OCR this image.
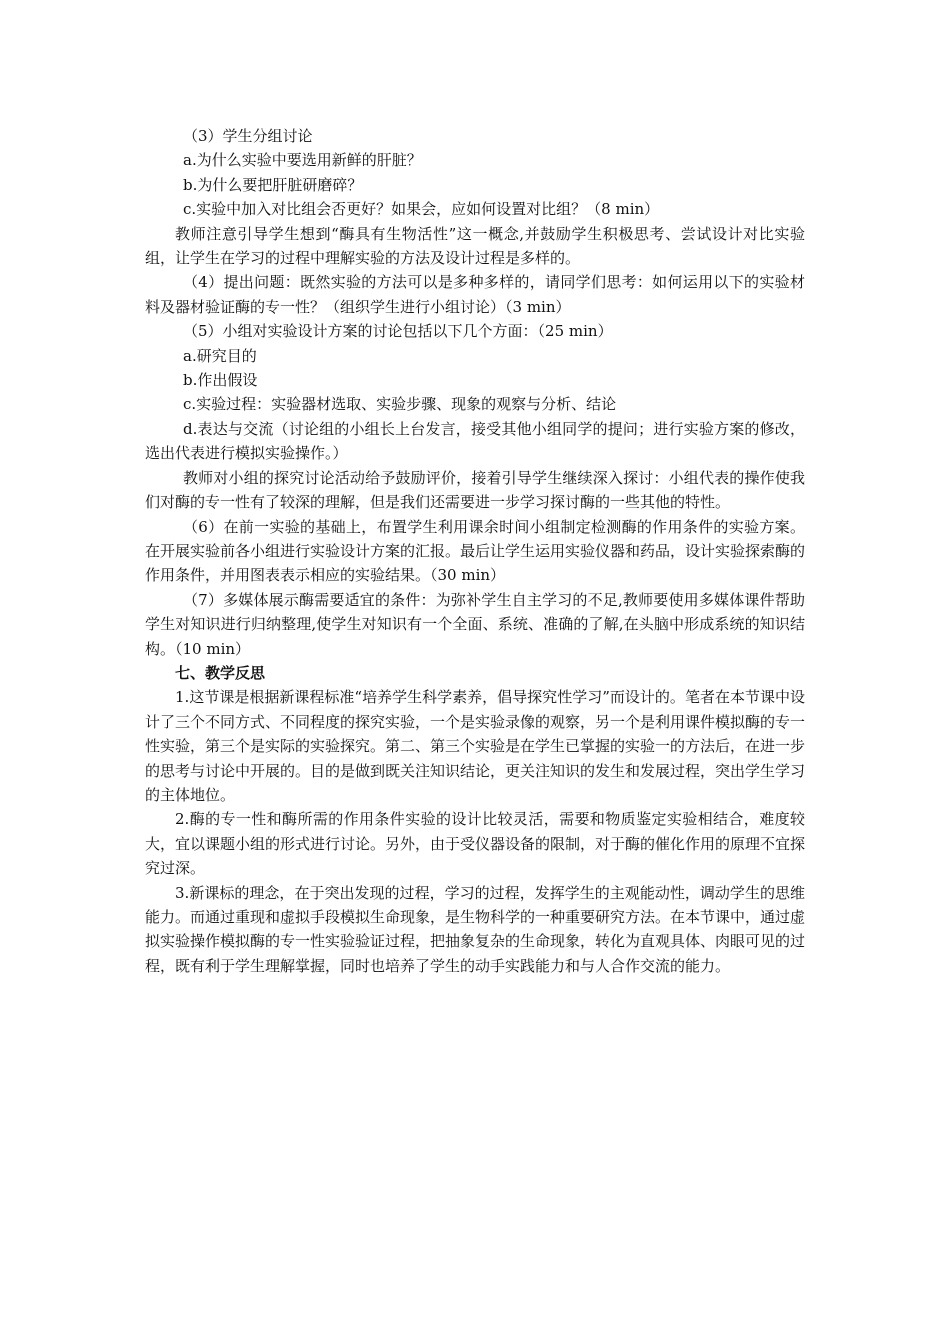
（3）学生分组讨论

a.为什么实验中要选用新鲜的肝脏？

b.为什么要把肝脏研磨碎？

c.实验中加入对比组会否更好？如果会，应如何设置对比组？（8 min）

教师注意引导学生想到“酶具有生物活性”这一概念,并鼓励学生积极思考、尝试设计对比实验组，让学生在学习的过程中理解实验的方法及设计过程是多样的。

（4）提出问题：既然实验的方法可以是多种多样的，请同学们思考：如何运用以下的实验材料及器材验证酶的专一性？（组织学生进行小组讨论）（3 min）

（5）小组对实验设计方案的讨论包括以下几个方面：（25 min）

a.研究目的

b.作出假设

c.实验过程：实验器材选取、实验步骤、现象的观察与分析、结论

d.表达与交流（讨论组的小组长上台发言，接受其他小组同学的提问；进行实验方案的修改，选出代表进行模拟实验操作。）

教师对小组的探究讨论活动给予鼓励评价，接着引导学生继续深入探讨：小组代表的操作使我们对酶的专一性有了较深的理解，但是我们还需要进一步学习探讨酶的一些其他的特性。

（6）在前一实验的基础上，布置学生利用课余时间小组制定检测酶的作用条件的实验方案。在开展实验前各小组进行实验设计方案的汇报。最后让学生运用实验仪器和药品，设计实验探索酶的作用条件，并用图表表示相应的实验结果。（30 min）

（7）多媒体展示酶需要适宜的条件：为弥补学生自主学习的不足,教师要使用多媒体课件帮助学生对知识进行归纳整理,使学生对知识有一个全面、系统、准确的了解,在头脑中形成系统的知识结构。（10 min）

七、教学反思

1.这节课是根据新课程标准“培养学生科学素养，倡导探究性学习”而设计的。笔者在本节课中设计了三个不同方式、不同程度的探究实验，一个是实验录像的观察，另一个是利用课件模拟酶的专一性实验，第三个是实际的实验探究。第二、第三个实验是在学生已掌握的实验一的方法后，在进一步的思考与讨论中开展的。目的是做到既关注知识结论，更关注知识的发生和发展过程，突出学生学习的主体地位。

2.酶的专一性和酶所需的作用条件实验的设计比较灵活，需要和物质鉴定实验相结合，难度较大，宜以课题小组的形式进行讨论。另外，由于受仪器设备的限制，对于酶的催化作用的原理不宜探究过深。

3.新课标的理念，在于突出发现的过程，学习的过程，发挥学生的主观能动性，调动学生的思维能力。而通过重现和虚拟手段模拟生命现象，是生物科学的一种重要研究方法。在本节课中，通过虚拟实验操作模拟酶的专一性实验验证过程，把抽象复杂的生命现象，转化为直观具体、肉眼可见的过程，既有利于学生理解掌握，同时也培养了学生的动手实践能力和与人合作交流的能力。
